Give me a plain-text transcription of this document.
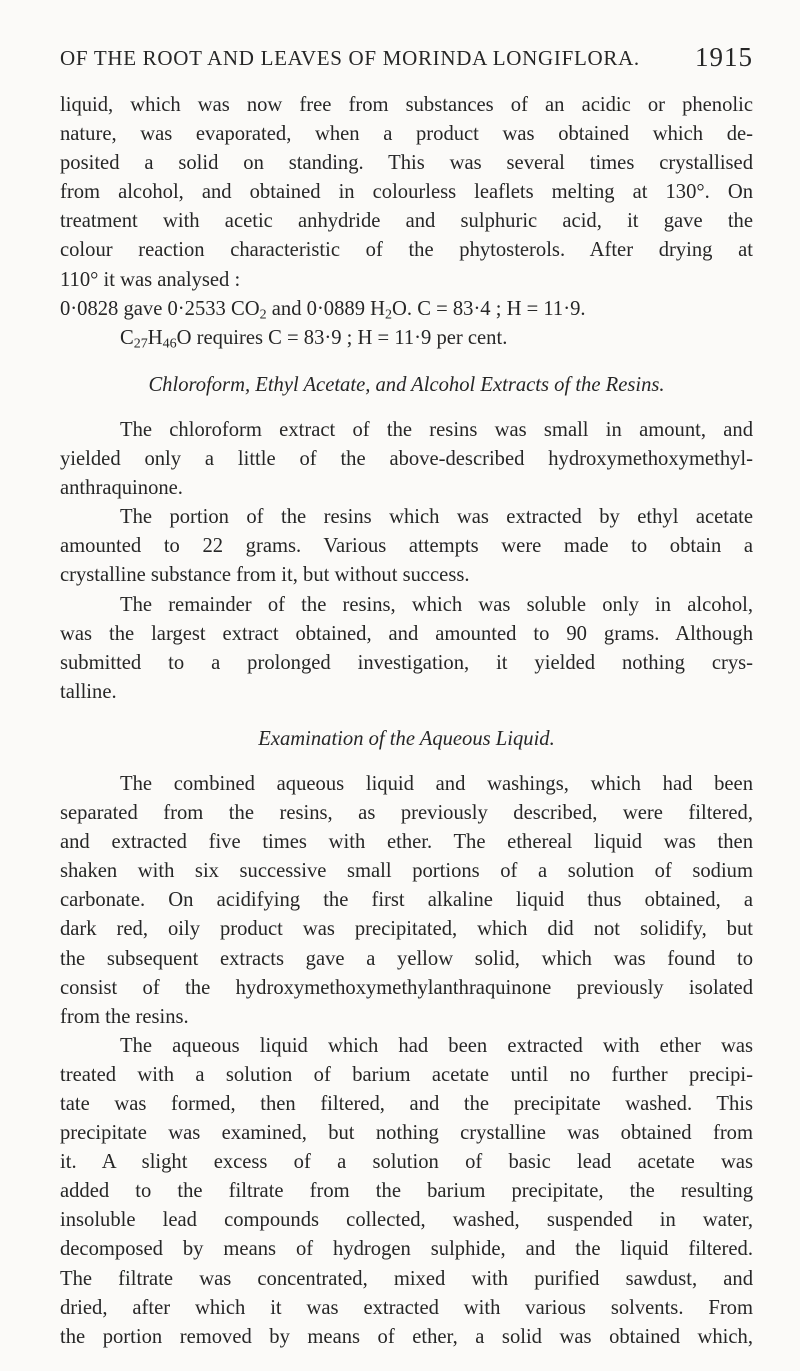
OF THE ROOT AND LEAVES OF MORINDA LONGIFLORA. 1915

liquid, which was now free from substances of an acidic or phenolic

nature, was evaporated, when a product was obtained which de-

posited a solid on standing. This was several times crystallised

from alcohol, and obtained in colourless leaflets melting at 130°. On

treatment with acetic anhydride and sulphuric acid, it gave the

colour reaction characteristic of the phytosterols. After drying at

110° it was analysed :

0·0828 gave 0·2533 $CO_2$ and 0·0889 $H_2O$. C = 83·4 ; H = 11·9.

$C_{27}H_{46}O$ requires C = 83·9 ; H = 11·9 per cent.

Chloroform, Ethyl Acetate, and Alcohol Extracts of the Resins.

The chloroform extract of the resins was small in amount, and

yielded only a little of the above-described hydroxymethoxymethyl-

anthraquinone.

The portion of the resins which was extracted by ethyl acetate

amounted to 22 grams. Various attempts were made to obtain a

crystalline substance from it, but without success.

The remainder of the resins, which was soluble only in alcohol,

was the largest extract obtained, and amounted to 90 grams. Although

submitted to a prolonged investigation, it yielded nothing crys-

talline.

Examination of the Aqueous Liquid.

The combined aqueous liquid and washings, which had been

separated from the resins, as previously described, were filtered,

and extracted five times with ether. The ethereal liquid was then

shaken with six successive small portions of a solution of sodium

carbonate. On acidifying the first alkaline liquid thus obtained, a

dark red, oily product was precipitated, which did not solidify, but

the subsequent extracts gave a yellow solid, which was found to

consist of the hydroxymethoxymethylanthraquinone previously isolated

from the resins.

The aqueous liquid which had been extracted with ether was

treated with a solution of barium acetate until no further precipi-

tate was formed, then filtered, and the precipitate washed. This

precipitate was examined, but nothing crystalline was obtained from

it. A slight excess of a solution of basic lead acetate was

added to the filtrate from the barium precipitate, the resulting

insoluble lead compounds collected, washed, suspended in water,

decomposed by means of hydrogen sulphide, and the liquid filtered.

The filtrate was concentrated, mixed with purified sawdust, and

dried, after which it was extracted with various solvents. From

the portion removed by means of ether, a solid was obtained which,
